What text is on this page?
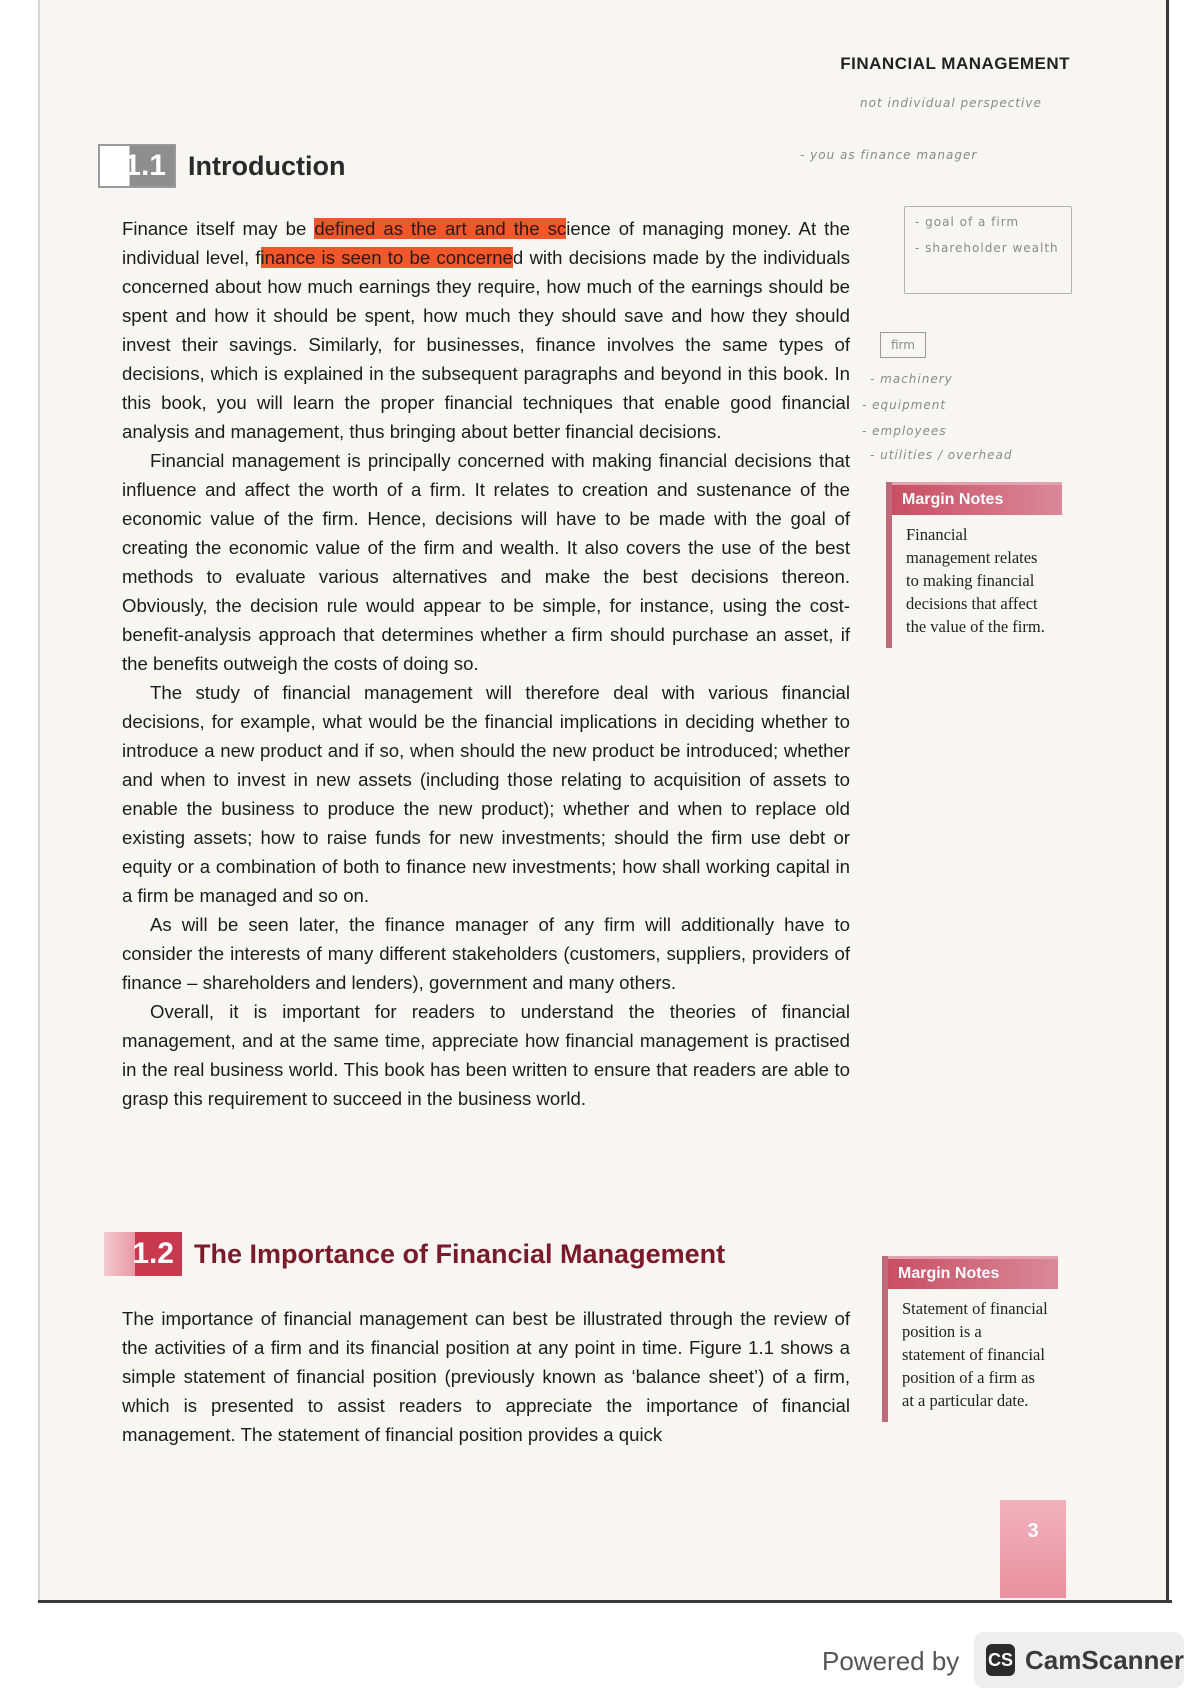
FINANCIAL MANAGEMENT
not individual perspective
- you as finance manager
- goal of a firm
- shareholder wealth
firm
- machinery
- equipment
- employees
- utilities / overhead
1.1 Introduction

Finance itself may be defined as the art and the science of managing money. At the individual level, finance is seen to be concerned with decisions made by the individuals concerned about how much earnings they require, how much of the earnings should be spent and how it should be spent, how much they should save and how they should invest their savings. Similarly, for businesses, finance involves the same types of decisions, which is explained in the subsequent paragraphs and beyond in this book. In this book, you will learn the proper financial techniques that enable good financial analysis and management, thus bringing about better financial decisions.

Financial management is principally concerned with making financial decisions that influence and affect the worth of a firm. It relates to creation and sustenance of the economic value of the firm. Hence, decisions will have to be made with the goal of creating the economic value of the firm and wealth. It also covers the use of the best methods to evaluate various alternatives and make the best decisions thereon. Obviously, the decision rule would appear to be simple, for instance, using the cost-benefit-analysis approach that determines whether a firm should purchase an asset, if the benefits outweigh the costs of doing so.

The study of financial management will therefore deal with various financial decisions, for example, what would be the financial implications in deciding whether to introduce a new product and if so, when should the new product be introduced; whether and when to invest in new assets (including those relating to acquisition of assets to enable the business to produce the new product); whether and when to replace old existing assets; how to raise funds for new investments; should the firm use debt or equity or a combination of both to finance new investments; how shall working capital in a firm be managed and so on.

As will be seen later, the finance manager of any firm will additionally have to consider the interests of many different stakeholders (customers, suppliers, providers of finance – shareholders and lenders), government and many others.

Overall, it is important for readers to understand the theories of financial management, and at the same time, appreciate how financial management is practised in the real business world. This book has been written to ensure that readers are able to grasp this requirement to succeed in the business world.

Margin Notes
Financial management relates to making financial decisions that affect the value of the firm.
1.2 The Importance of Financial Management

The importance of financial management can best be illustrated through the review of the activities of a firm and its financial position at any point in time. Figure 1.1 shows a simple statement of financial position (previously known as ‘balance sheet’) of a firm, which is presented to assist readers to appreciate the importance of financial management. The statement of financial position provides a quick

Margin Notes
Statement of financial position is a statement of financial position of a firm as at a particular date.
3
Powered by CS CamScanner
